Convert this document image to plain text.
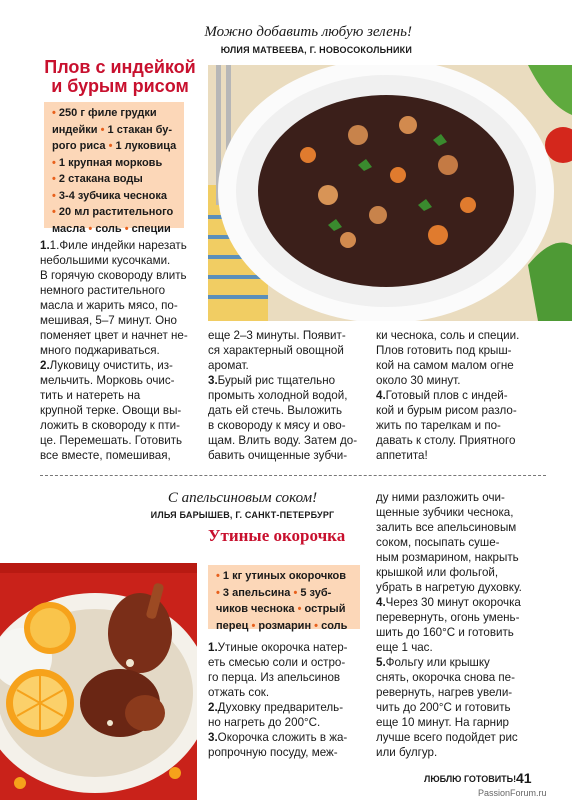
Можно добавить любую зелень!
ЮЛИЯ МАТВЕЕВА, Г. НОВОСОКОЛЬНИКИ
Плов с индейкой
и бурым рисом
• 250 г филе грудки
индейки • 1 стакан бу-
рого риса • 1 луковица
• 1 крупная морковь
• 2 стакана воды
• 3-4 зубчика чеснока
• 20 мл растительного
масла • соль • специи

1.1.Филе индейки нарезать

небольшими кусочками.

В горячую сковороду влить

немного растительного

масла и жарить мясо, по-

мешивая, 5–7 минут. Оно

поменяет цвет и начнет не-

много поджариваться.

2.Луковицу очистить, из-

мельчить. Морковь очис-

тить и натереть на

крупной терке. Овощи вы-

ложить в сковороду к пти-

це. Перемешать. Готовить

все вместе, помешивая,

еще 2–3 минуты. Появит-

ся характерный овощной

аромат.

3.Бурый рис тщательно

промыть холодной водой,

дать ей стечь. Выложить

в сковороду к мясу и ово-

щам. Влить воду. Затем до-

бавить очищенные зубчи-

ки чеснока, соль и специи.

Плов готовить под крыш-

кой на самом малом огне

около 30 минут.

4.Готовый плов с индей-

кой и бурым рисом разло-

жить по тарелкам и по-

давать к столу. Приятного

аппетита!

С апельсиновым соком!
ИЛЬЯ БАРЫШЕВ, Г. САНКТ-ПЕТЕРБУРГ
Утиные окорочка
• 1 кг утиных окорочков
• 3 апельсина • 5 зуб-
чиков чеснока • острый
перец • розмарин • соль

1.Утиные окорочка натер-

еть смесью соли и остро-

го перца. Из апельсинов

отжать сок.

2.Духовку предваритель-

но нагреть до 200°C.

3.Окорочка сложить в жа-

ропрочную посуду, меж-

ду ними разложить очи-

щенные зубчики чеснока,

залить все апельсиновым

соком, посыпать суше-

ным розмарином, накрыть

крышкой или фольгой,

убрать в нагретую духовку.

4.Через 30 минут окорочка

перевернуть, огонь умень-

шить до 160°C и готовить

еще 1 час.

5.Фольгу или крышку

снять, окорочка снова пе-

ревернуть, нагрев увели-

чить до 200°C и готовить

еще 10 минут. На гарнир

лучше всего подойдет рис

или булгур.

ЛЮБЛЮ ГОТОВИТЬ! 41
PassionForum.ru
